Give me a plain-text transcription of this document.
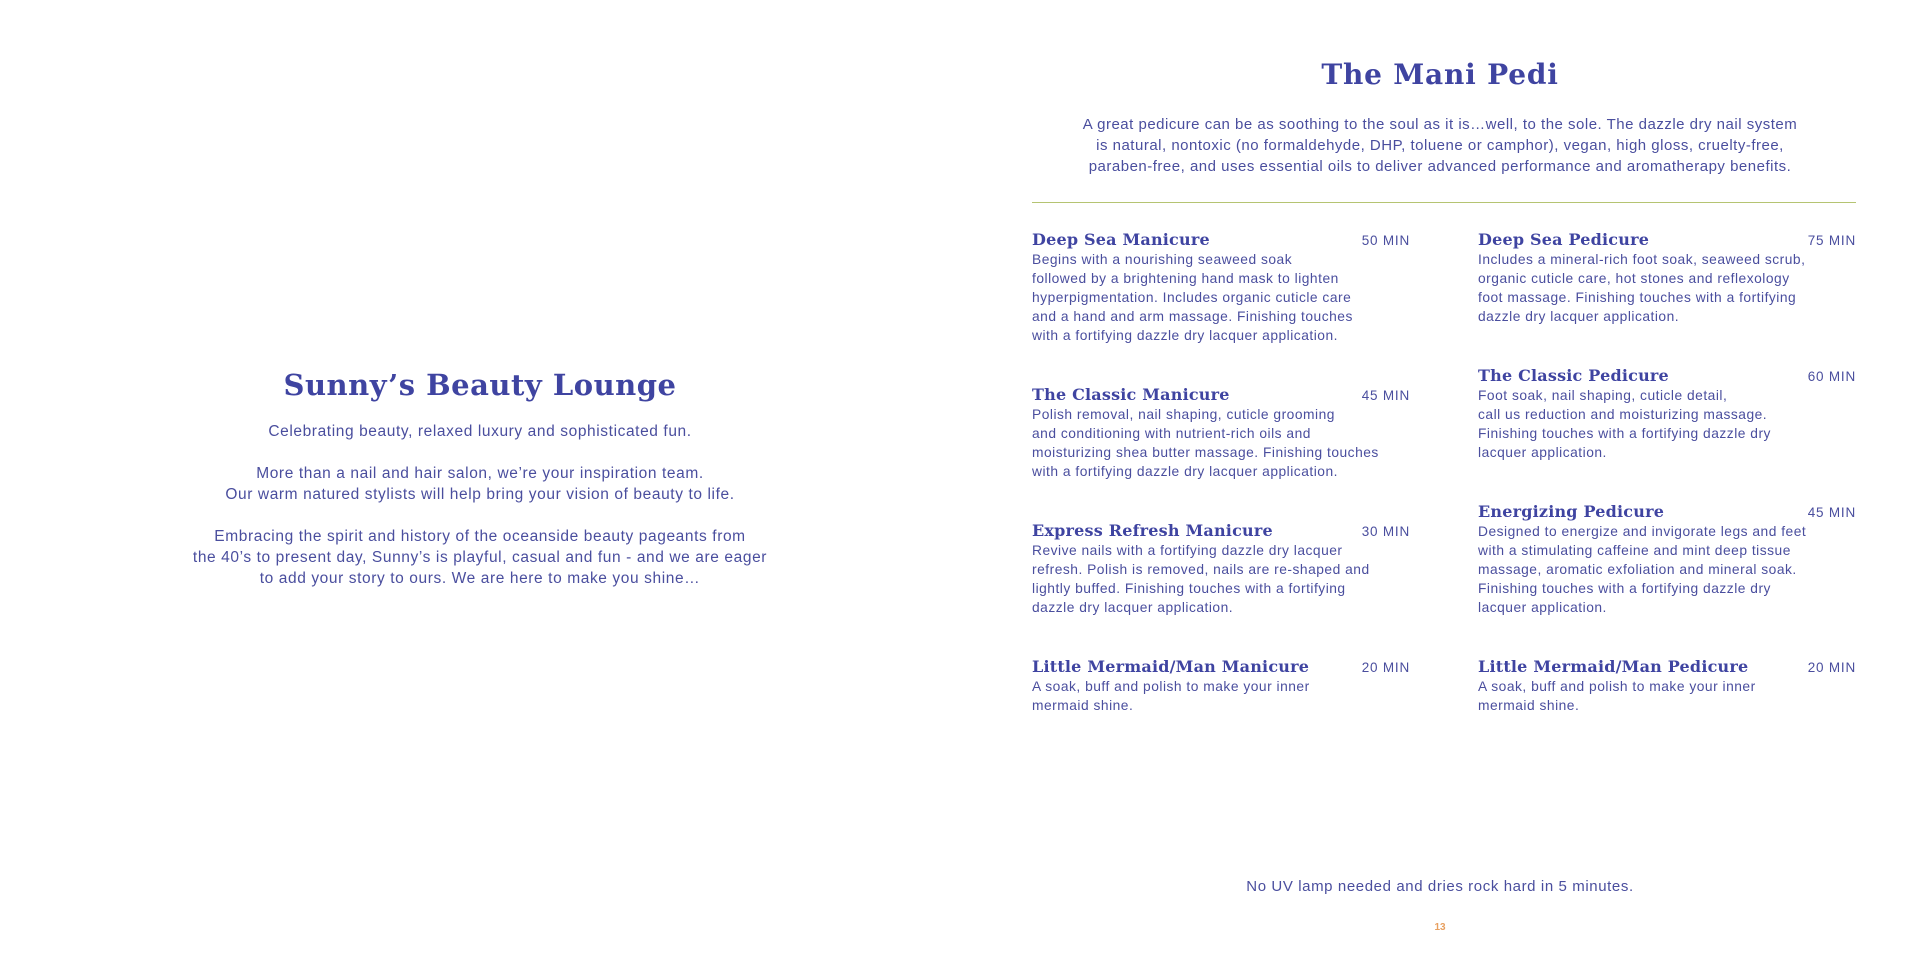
Sunny’s Beauty Lounge

Celebrating beauty, relaxed luxury and sophisticated fun.

More than a nail and hair salon, we’re your inspiration team.
Our warm natured stylists will help bring your vision of beauty to life.

Embracing the spirit and history of the oceanside beauty pageants from
the 40’s to present day, Sunny’s is playful, casual and fun - and we are eager
to add your story to ours. We are here to make you shine…

The Mani Pedi

A great pedicure can be as soothing to the soul as it is…well, to the sole. The dazzle dry nail system
is natural, nontoxic (no formaldehyde, DHP, toluene or camphor), vegan, high gloss, cruelty-free,
paraben-free, and uses essential oils to deliver advanced performance and aromatherapy benefits.

Deep Sea Manicure	50 MIN

Begins with a nourishing seaweed soak
followed by a brightening hand mask to lighten
hyperpigmentation. Includes organic cuticle care
and a hand and arm massage. Finishing touches
with a fortifying dazzle dry lacquer application.

The Classic Manicure	45 MIN

Polish removal, nail shaping, cuticle grooming
and conditioning with nutrient-rich oils and
moisturizing shea butter massage. Finishing touches
with a fortifying dazzle dry lacquer application.

Express Refresh Manicure	30 MIN

Revive nails with a fortifying dazzle dry lacquer
refresh. Polish is removed, nails are re-shaped and
lightly buffed. Finishing touches with a fortifying
dazzle dry lacquer application.

Little Mermaid/Man Manicure	20 MIN

A soak, buff and polish to make your inner
mermaid shine.

Deep Sea Pedicure	75 MIN

Includes a mineral-rich foot soak, seaweed scrub,
organic cuticle care, hot stones and reflexology
foot massage. Finishing touches with a fortifying
dazzle dry lacquer application.

The Classic Pedicure	60 MIN

Foot soak, nail shaping, cuticle detail,
call us reduction and moisturizing massage.
Finishing touches with a fortifying dazzle dry
lacquer application.

Energizing Pedicure	45 MIN

Designed to energize and invigorate legs and feet
with a stimulating caffeine and mint deep tissue
massage, aromatic exfoliation and mineral soak.
Finishing touches with a fortifying dazzle dry
lacquer application.

Little Mermaid/Man Pedicure	20 MIN

A soak, buff and polish to make your inner
mermaid shine.

No UV lamp needed and dries rock hard in 5 minutes.

13
